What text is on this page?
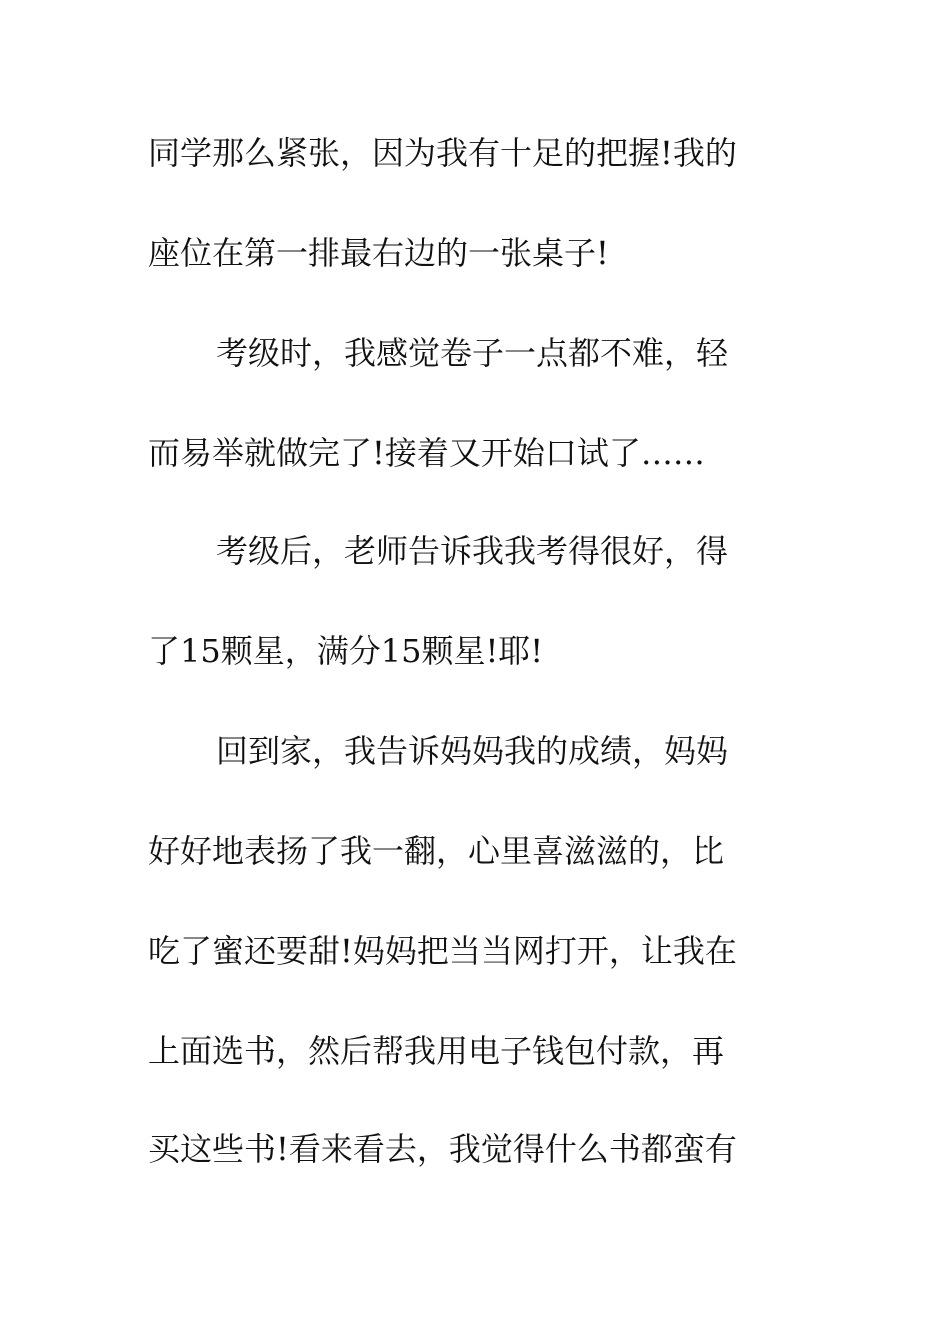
同学那么紧张，因为我有十足的把握!我的
座位在第一排最右边的一张桌子!
考级时，我感觉卷子一点都不难，轻
而易举就做完了!接着又开始口试了……
考级后，老师告诉我我考得很好，得
了15颗星，满分15颗星!耶!
回到家，我告诉妈妈我的成绩，妈妈
好好地表扬了我一翻，心里喜滋滋的，比
吃了蜜还要甜!妈妈把当当网打开，让我在
上面选书，然后帮我用电子钱包付款，再
买这些书!看来看去，我觉得什么书都蛮有
